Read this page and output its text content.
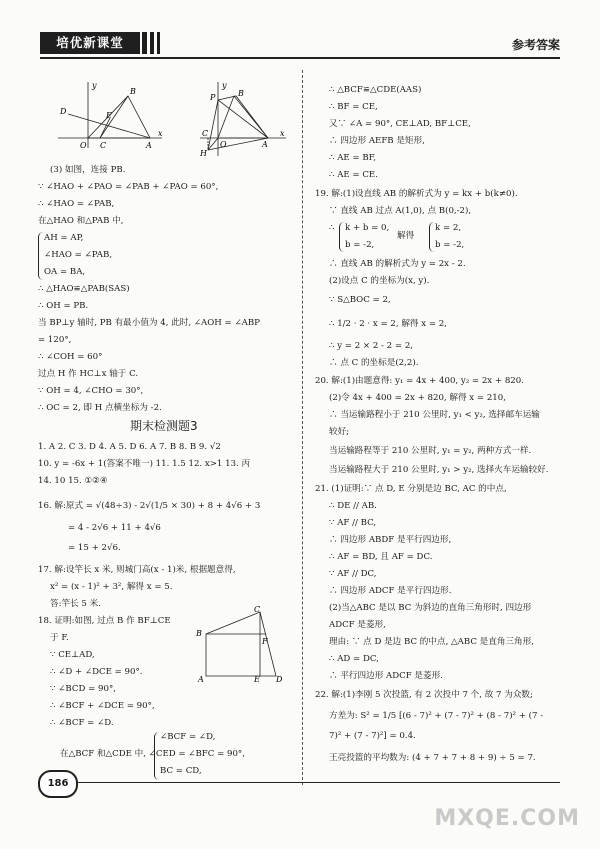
培优新课堂	参考答案
y
B
D	E
O C	A
x
y
P	B
C
O	A
x
H
(3) 如图，连接 PB.
∵ ∠HAO + ∠PAO = ∠PAB + ∠PAO = 60°,
∴ ∠HAO = ∠PAB,
在△HAO 和△PAB 中,
AH = AP,
∠HAO = ∠PAB,
OA = BA,
∴ △HAO≌△PAB(SAS)
∴ OH = PB.
当 BP⊥y 轴时, PB 有最小值为 4, 此时, ∠AOH = ∠ABP
= 120°,
∴ ∠COH = 60°
过点 H 作 HC⊥x 轴于 C.
∵ OH = 4, ∠CHO = 30°,
∴ OC = 2, 即 H 点横坐标为 -2.
期末检测题3
1. A 2. C 3. D 4. A 5. D 6. A 7. B 8. B 9. √2
10. y = -6x + 1(答案不唯一) 11. 1.5 12. x>1 13. 丙
14. 10 15. ①②④
16. 解:原式 = √(48÷3) - 2√(1/5 × 30) + 8 + 4√6 + 3
= 4 - 2√6 + 11 + 4√6
= 15 + 2√6.
17. 解:设竿长 x 米, 则城门高(x - 1)米, 根据题意得,
x² = (x - 1)² + 3², 解得 x = 5.
答:竿长 5 米.
18. 证明:如图, 过点 B 作 BF⊥CE
于 F.
∵ CE⊥AD,
∴ ∠D + ∠DCE = 90°.
∵ ∠BCD = 90°,
∴ ∠BCF + ∠DCE = 90°,
∴ ∠BCF = ∠D.
∠BCF = ∠D,
在△BCF 和△CDE 中, ∠CED = ∠BFC = 90°,
BC = CD,
C
B
F
A	E D
∴ △BCF≌△CDE(AAS)
∴ BF = CE,
又∵ ∠A = 90°, CE⊥AD, BF⊥CE,
∴ 四边形 AEFB 是矩形,
∴ AE = BF,
∴ AE = CE.
19. 解:(1)设直线 AB 的解析式为 y = kx + b(k≠0).
∵ 直线 AB 过点 A(1,0), 点 B(0,-2),
∴ k + b = 0,
b = -2,
解得
k = 2,
b = -2,
∴ 直线 AB 的解析式为 y = 2x - 2.
(2)设点 C 的坐标为(x, y).
∵ S△BOC = 2,
∴ 1/2 · 2 · x = 2, 解得 x = 2,
∴ y = 2 × 2 - 2 = 2,
∴ 点 C 的坐标是(2,2).
20. 解:(1)由题意得: y₁ = 4x + 400, y₂ = 2x + 820.
(2)令 4x + 400 = 2x + 820, 解得 x = 210,
∴ 当运输路程小于 210 公里时, y₁ < y₂, 选择邮车运输
较好;
当运输路程等于 210 公里时, y₁ = y₂, 两种方式一样.
当运输路程大于 210 公里时, y₁ > y₂, 选择火车运输较好.
21. (1)证明:∵ 点 D, E 分别是边 BC, AC 的中点,
∴ DE // AB.
∵ AF // BC,
∴ 四边形 ABDF 是平行四边形,
∴ AF = BD, 且 AF = DC.
∵ AF // DC,
∴ 四边形 ADCF 是平行四边形.
(2)当△ABC 是以 BC 为斜边的直角三角形时, 四边形
ADCF 是菱形,
理由: ∵ 点 D 是边 BC 的中点, △ABC 是直角三角形,
∴ AD = DC,
∴ 平行四边形 ADCF 是菱形.
22. 解:(1)李刚 5 次投篮, 有 2 次投中 7 个, 故 7 为众数;
方差为: S² = 1/5 [(6 - 7)² + (7 - 7)² + (8 - 7)² + (7 -
7)² + (7 - 7)²] = 0.4.
王亮投篮的平均数为: (4 + 7 + 7 + 8 + 9) ÷ 5 = 7.
186
MXQE.COM
